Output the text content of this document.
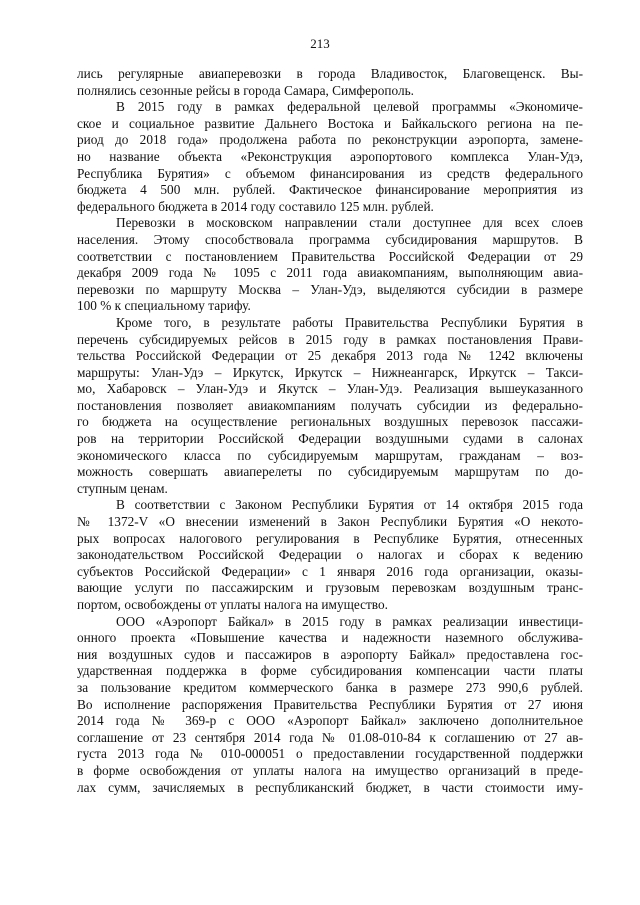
213
лись регулярные авиаперевозки в города Владивосток, Благовещенск. Вы-
полнялись сезонные рейсы в города Самара, Симферополь.
В 2015 году в рамках федеральной целевой программы «Экономиче-
ское и социальное развитие Дальнего Востока и Байкальского региона на пе-
риод до 2018 года» продолжена работа по реконструкции аэропорта, замене-
но название объекта «Реконструкция аэропортового комплекса Улан-Удэ,
Республика Бурятия» с объемом финансирования из средств федерального
бюджета 4 500 млн. рублей. Фактическое финансирование мероприятия из
федерального бюджета в 2014 году составило 125 млн. рублей.
Перевозки в московском направлении стали доступнее для всех слоев
населения. Этому способствовала программа субсидирования маршрутов. В
соответствии с постановлением Правительства Российской Федерации от 29
декабря 2009 года № 1095 с 2011 года авиакомпаниям, выполняющим авиа-
перевозки по маршруту Москва – Улан-Удэ, выделяются субсидии в размере
100 % к специальному тарифу.
Кроме того, в результате работы Правительства Республики Бурятия в
перечень субсидируемых рейсов в 2015 году в рамках постановления Прави-
тельства Российской Федерации от 25 декабря 2013 года № 1242 включены
маршруты: Улан-Удэ – Иркутск, Иркутск – Нижнеангарск, Иркутск – Такси-
мо, Хабаровск – Улан-Удэ и Якутск – Улан-Удэ. Реализация вышеуказанного
постановления позволяет авиакомпаниям получать субсидии из федерально-
го бюджета на осуществление региональных воздушных перевозок пассажи-
ров на территории Российской Федерации воздушными судами в салонах
экономического класса по субсидируемым маршрутам, гражданам – воз-
можность совершать авиаперелеты по субсидируемым маршрутам по до-
ступным ценам.
В соответствии с Законом Республики Бурятия от 14 октября 2015 года
№ 1372-V «О внесении изменений в Закон Республики Бурятия «О некото-
рых вопросах налогового регулирования в Республике Бурятия, отнесенных
законодательством Российской Федерации о налогах и сборах к ведению
субъектов Российской Федерации» с 1 января 2016 года организации, оказы-
вающие услуги по пассажирским и грузовым перевозкам воздушным транс-
портом, освобождены от уплаты налога на имущество.
ООО «Аэропорт Байкал» в 2015 году в рамках реализации инвестици-
онного проекта «Повышение качества и надежности наземного обслужива-
ния воздушных судов и пассажиров в аэропорту Байкал» предоставлена гос-
ударственная поддержка в форме субсидирования компенсации части платы
за пользование кредитом коммерческого банка в размере 273 990,6 рублей.
Во исполнение распоряжения Правительства Республики Бурятия от 27 июня
2014 года № 369-р с ООО «Аэропорт Байкал» заключено дополнительное
соглашение от 23 сентября 2014 года № 01.08-010-84 к соглашению от 27 ав-
густа 2013 года № 010-000051 о предоставлении государственной поддержки
в форме освобождения от уплаты налога на имущество организаций в преде-
лах сумм, зачисляемых в республиканский бюджет, в части стоимости иму-
